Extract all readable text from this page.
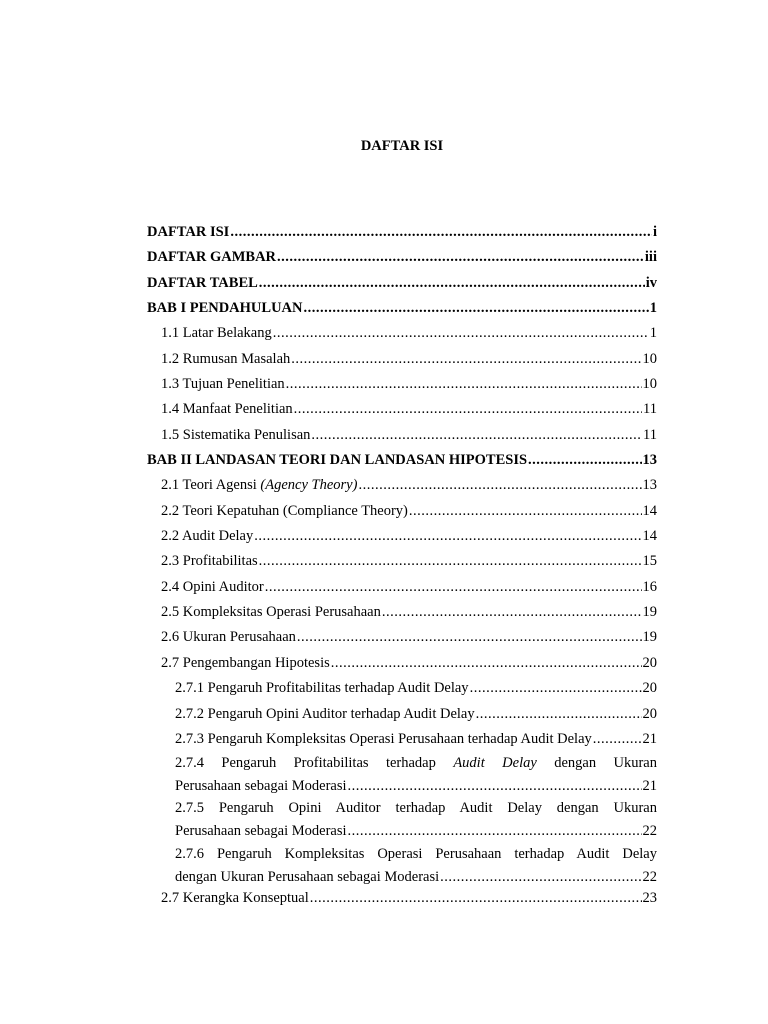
DAFTAR ISI
DAFTAR ISI .....	i
DAFTAR GAMBAR .....	iii
DAFTAR TABEL .....	iv
BAB I PENDAHULUAN .....	1
1.1 Latar Belakang .....	1
1.2 Rumusan Masalah .....	10
1.3 Tujuan Penelitian .....	10
1.4 Manfaat Penelitian .....	11
1.5 Sistematika Penulisan .....	11
BAB II LANDASAN TEORI DAN LANDASAN HIPOTESIS .....	13
2.1 Teori Agensi (Agency Theory) .....	13
2.2 Teori Kepatuhan (Compliance Theory) .....	14
2.2 Audit Delay .....	14
2.3 Profitabilitas .....	15
2.4 Opini Auditor .....	16
2.5 Kompleksitas Operasi Perusahaan .....	19
2.6 Ukuran Perusahaan .....	19
2.7 Pengembangan Hipotesis .....	20
2.7.1 Pengaruh Profitabilitas terhadap Audit Delay .....	20
2.7.2 Pengaruh Opini Auditor terhadap Audit Delay .....	20
2.7.3 Pengaruh Kompleksitas Operasi Perusahaan terhadap Audit Delay .....	21
2.7.4 Pengaruh Profitabilitas terhadap Audit Delay dengan Ukuran
Perusahaan sebagai Moderasi .....	21
2.7.5 Pengaruh Opini Auditor terhadap Audit Delay dengan Ukuran
Perusahaan sebagai Moderasi .....	22
2.7.6 Pengaruh Kompleksitas Operasi Perusahaan terhadap Audit Delay
dengan Ukuran Perusahaan sebagai Moderasi .....	22
2.7 Kerangka Konseptual .....	23
